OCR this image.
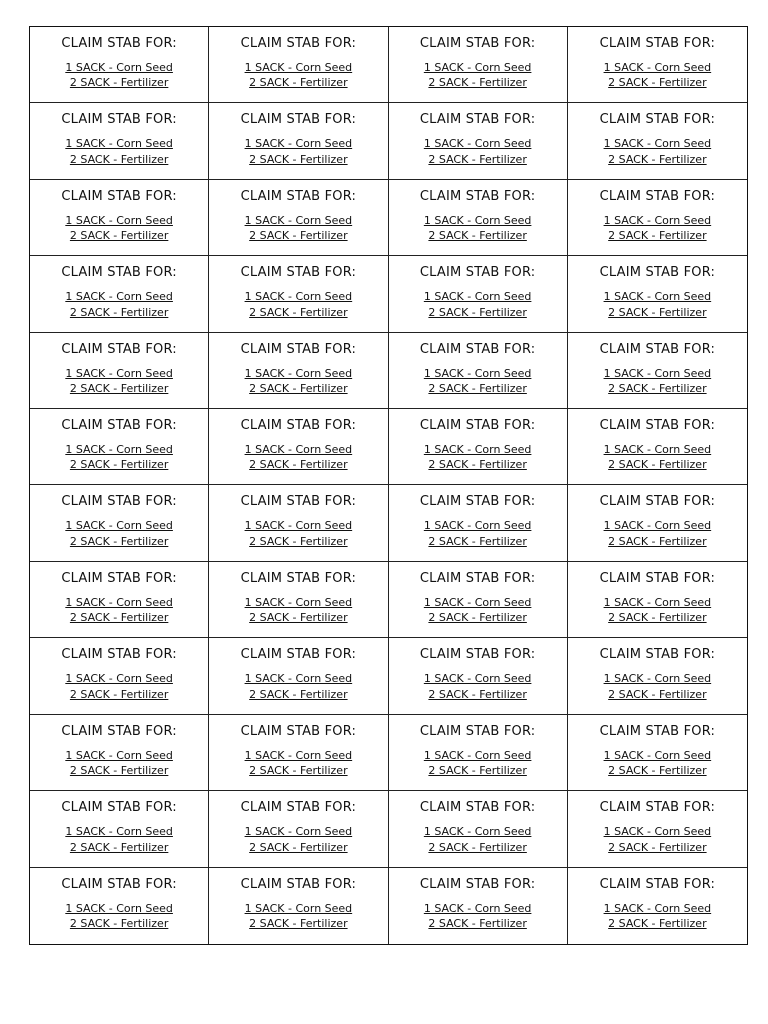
CLAIM STAB FOR:
1 SACK - Corn Seed
2 SACK - Fertilizer
CLAIM STAB FOR:
1 SACK - Corn Seed
2 SACK - Fertilizer
CLAIM STAB FOR:
1 SACK - Corn Seed
2 SACK - Fertilizer
CLAIM STAB FOR:
1 SACK - Corn Seed
2 SACK - Fertilizer
CLAIM STAB FOR:
1 SACK - Corn Seed
2 SACK - Fertilizer
CLAIM STAB FOR:
1 SACK - Corn Seed
2 SACK - Fertilizer
CLAIM STAB FOR:
1 SACK - Corn Seed
2 SACK - Fertilizer
CLAIM STAB FOR:
1 SACK - Corn Seed
2 SACK - Fertilizer
CLAIM STAB FOR:
1 SACK - Corn Seed
2 SACK - Fertilizer
CLAIM STAB FOR:
1 SACK - Corn Seed
2 SACK - Fertilizer
CLAIM STAB FOR:
1 SACK - Corn Seed
2 SACK - Fertilizer
CLAIM STAB FOR:
1 SACK - Corn Seed
2 SACK - Fertilizer
CLAIM STAB FOR:
1 SACK - Corn Seed
2 SACK - Fertilizer
CLAIM STAB FOR:
1 SACK - Corn Seed
2 SACK - Fertilizer
CLAIM STAB FOR:
1 SACK - Corn Seed
2 SACK - Fertilizer
CLAIM STAB FOR:
1 SACK - Corn Seed
2 SACK - Fertilizer
CLAIM STAB FOR:
1 SACK - Corn Seed
2 SACK - Fertilizer
CLAIM STAB FOR:
1 SACK - Corn Seed
2 SACK - Fertilizer
CLAIM STAB FOR:
1 SACK - Corn Seed
2 SACK - Fertilizer
CLAIM STAB FOR:
1 SACK - Corn Seed
2 SACK - Fertilizer
CLAIM STAB FOR:
1 SACK - Corn Seed
2 SACK - Fertilizer
CLAIM STAB FOR:
1 SACK - Corn Seed
2 SACK - Fertilizer
CLAIM STAB FOR:
1 SACK - Corn Seed
2 SACK - Fertilizer
CLAIM STAB FOR:
1 SACK - Corn Seed
2 SACK - Fertilizer
CLAIM STAB FOR:
1 SACK - Corn Seed
2 SACK - Fertilizer
CLAIM STAB FOR:
1 SACK - Corn Seed
2 SACK - Fertilizer
CLAIM STAB FOR:
1 SACK - Corn Seed
2 SACK - Fertilizer
CLAIM STAB FOR:
1 SACK - Corn Seed
2 SACK - Fertilizer
CLAIM STAB FOR:
1 SACK - Corn Seed
2 SACK - Fertilizer
CLAIM STAB FOR:
1 SACK - Corn Seed
2 SACK - Fertilizer
CLAIM STAB FOR:
1 SACK - Corn Seed
2 SACK - Fertilizer
CLAIM STAB FOR:
1 SACK - Corn Seed
2 SACK - Fertilizer
CLAIM STAB FOR:
1 SACK - Corn Seed
2 SACK - Fertilizer
CLAIM STAB FOR:
1 SACK - Corn Seed
2 SACK - Fertilizer
CLAIM STAB FOR:
1 SACK - Corn Seed
2 SACK - Fertilizer
CLAIM STAB FOR:
1 SACK - Corn Seed
2 SACK - Fertilizer
CLAIM STAB FOR:
1 SACK - Corn Seed
2 SACK - Fertilizer
CLAIM STAB FOR:
1 SACK - Corn Seed
2 SACK - Fertilizer
CLAIM STAB FOR:
1 SACK - Corn Seed
2 SACK - Fertilizer
CLAIM STAB FOR:
1 SACK - Corn Seed
2 SACK - Fertilizer
CLAIM STAB FOR:
1 SACK - Corn Seed
2 SACK - Fertilizer
CLAIM STAB FOR:
1 SACK - Corn Seed
2 SACK - Fertilizer
CLAIM STAB FOR:
1 SACK - Corn Seed
2 SACK - Fertilizer
CLAIM STAB FOR:
1 SACK - Corn Seed
2 SACK - Fertilizer
CLAIM STAB FOR:
1 SACK - Corn Seed
2 SACK - Fertilizer
CLAIM STAB FOR:
1 SACK - Corn Seed
2 SACK - Fertilizer
CLAIM STAB FOR:
1 SACK - Corn Seed
2 SACK - Fertilizer
CLAIM STAB FOR:
1 SACK - Corn Seed
2 SACK - Fertilizer
